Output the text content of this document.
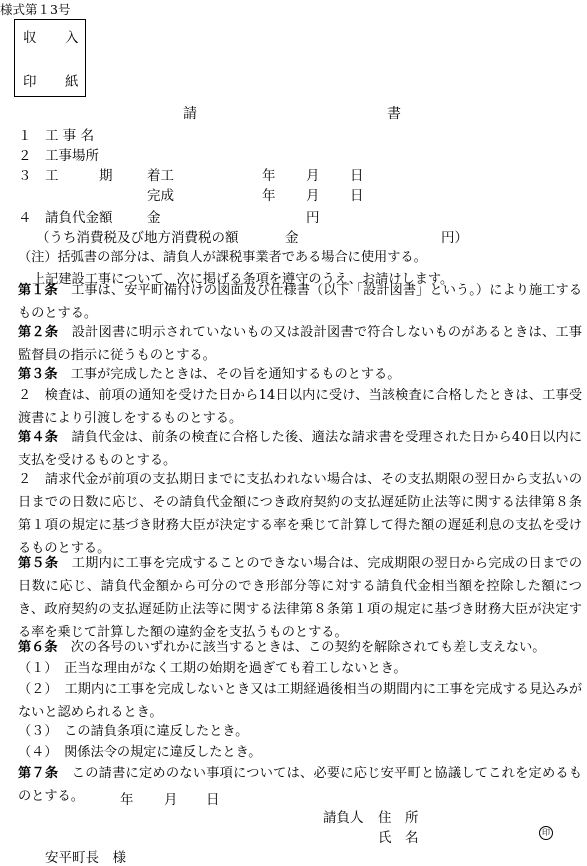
様式第１3号
収 入
印 紙
請	書
１ 工 事 名
２ 工事場所
３ 工　　　期	着工	年 月 日
完成	年 月 日
４ 請負代金額	金	円
（うち消費税及び地方消費税の額	金	円）
（注）括弧書の部分は、請負人が課税事業者である場合に使用する。
上記建設工事について、次に掲げる条項を遵守のうえ、お請けします。
第１条　 工事は、安平町備付けの図面及び仕様書（以下「設計図書」という。）により施工するものとする。
第２条　 設計図書に明示されていないもの又は設計図書で符合しないものがあるときは、工事監督員の指示に従うものとする。
第３条　 工事が完成したときは、その旨を通知するものとする。
２　 検査は、前項の通知を受けた日から14日以内に受け、当該検査に合格したときは、工事受渡書により引渡しをするものとする。
第４条　 請負代金は、前条の検査に合格した後、適法な請求書を受理された日から40日以内に支払を受けるものとする。
２　 請求代金が前項の支払期日までに支払われない場合は、その支払期限の翌日から支払いの日までの日数に応じ、その請負代金額につき政府契約の支払遅延防止法等に関する法律第８条第１項の規定に基づき財務大臣が決定する率を乗じて計算して得た額の遅延利息の支払を受けるものとする。
第５条　 工期内に工事を完成することのできない場合は、完成期限の翌日から完成の日までの日数に応じ、請負代金額から可分のでき形部分等に対する請負代金相当額を控除した額につき、政府契約の支払遅延防止法等に関する法律第８条第１項の規定に基づき財務大臣が決定する率を乗じて計算した額の違約金を支払うものとする。
第６条　 次の各号のいずれかに該当するときは、この契約を解除されても差し支えない。
（１）　 正当な理由がなく工期の始期を過ぎても着工しないとき。
（２）　 工期内に工事を完成しないとき又は工期経過後相当の期間内に工事を完成する見込みがないと認められるとき。
（３）　 この請負条項に違反したとき。
（４）　 関係法令の規定に違反したとき。
第７条　 この請書に定めのない事項については、必要に応じ安平町と協議してこれを定めるものとする。	年 月 日
請負人 住　所
氏　名	印
安平町長　様
